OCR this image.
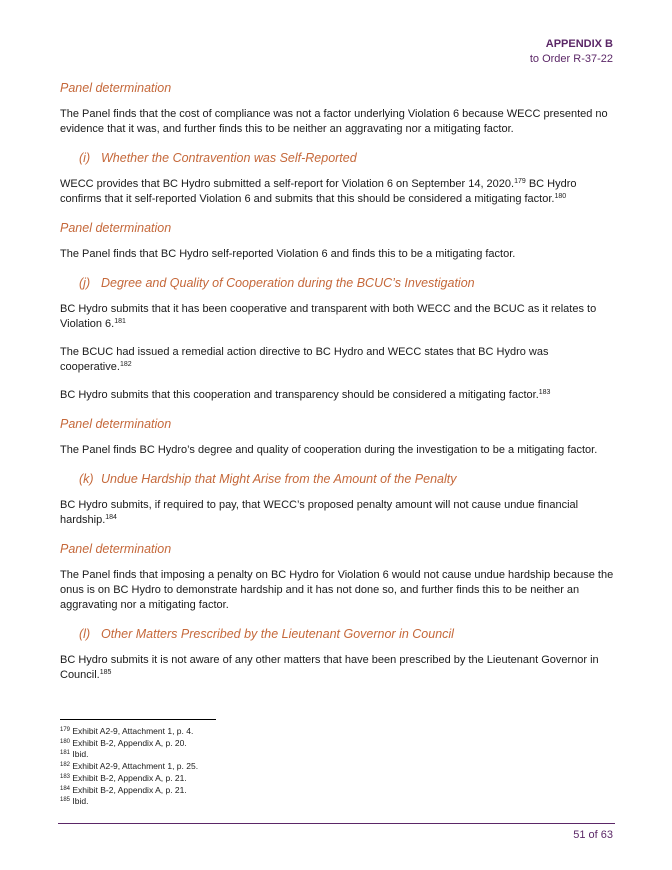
APPENDIX B
to Order R-37-22
Panel determination

The Panel finds that the cost of compliance was not a factor underlying Violation 6 because WECC presented no evidence that it was, and further finds this to be neither an aggravating nor a mitigating factor.

(i) Whether the Contravention was Self-Reported

WECC provides that BC Hydro submitted a self-report for Violation 6 on September 14, 2020.$^{179}$ BC Hydro confirms that it self-reported Violation 6 and submits that this should be considered a mitigating factor.$^{180}$

Panel determination

The Panel finds that BC Hydro self-reported Violation 6 and finds this to be a mitigating factor.

(j) Degree and Quality of Cooperation during the BCUC’s Investigation

BC Hydro submits that it has been cooperative and transparent with both WECC and the BCUC as it relates to Violation 6.$^{181}$

The BCUC had issued a remedial action directive to BC Hydro and WECC states that BC Hydro was cooperative.$^{182}$

BC Hydro submits that this cooperation and transparency should be considered a mitigating factor.$^{183}$

Panel determination

The Panel finds BC Hydro’s degree and quality of cooperation during the investigation to be a mitigating factor.

(k) Undue Hardship that Might Arise from the Amount of the Penalty

BC Hydro submits, if required to pay, that WECC’s proposed penalty amount will not cause undue financial hardship.$^{184}$

Panel determination

The Panel finds that imposing a penalty on BC Hydro for Violation 6 would not cause undue hardship because the onus is on BC Hydro to demonstrate hardship and it has not done so, and further finds this to be neither an aggravating nor a mitigating factor.

(l) Other Matters Prescribed by the Lieutenant Governor in Council

BC Hydro submits it is not aware of any other matters that have been prescribed by the Lieutenant Governor in Council.$^{185}$

$^{179}$ Exhibit A2-9, Attachment 1, p. 4.
$^{180}$ Exhibit B-2, Appendix A, p. 20.
$^{181}$ Ibid.
$^{182}$ Exhibit A2-9, Attachment 1, p. 25.
$^{183}$ Exhibit B-2, Appendix A, p. 21.
$^{184}$ Exhibit B-2, Appendix A, p. 21.
$^{185}$ Ibid.
51 of 63
